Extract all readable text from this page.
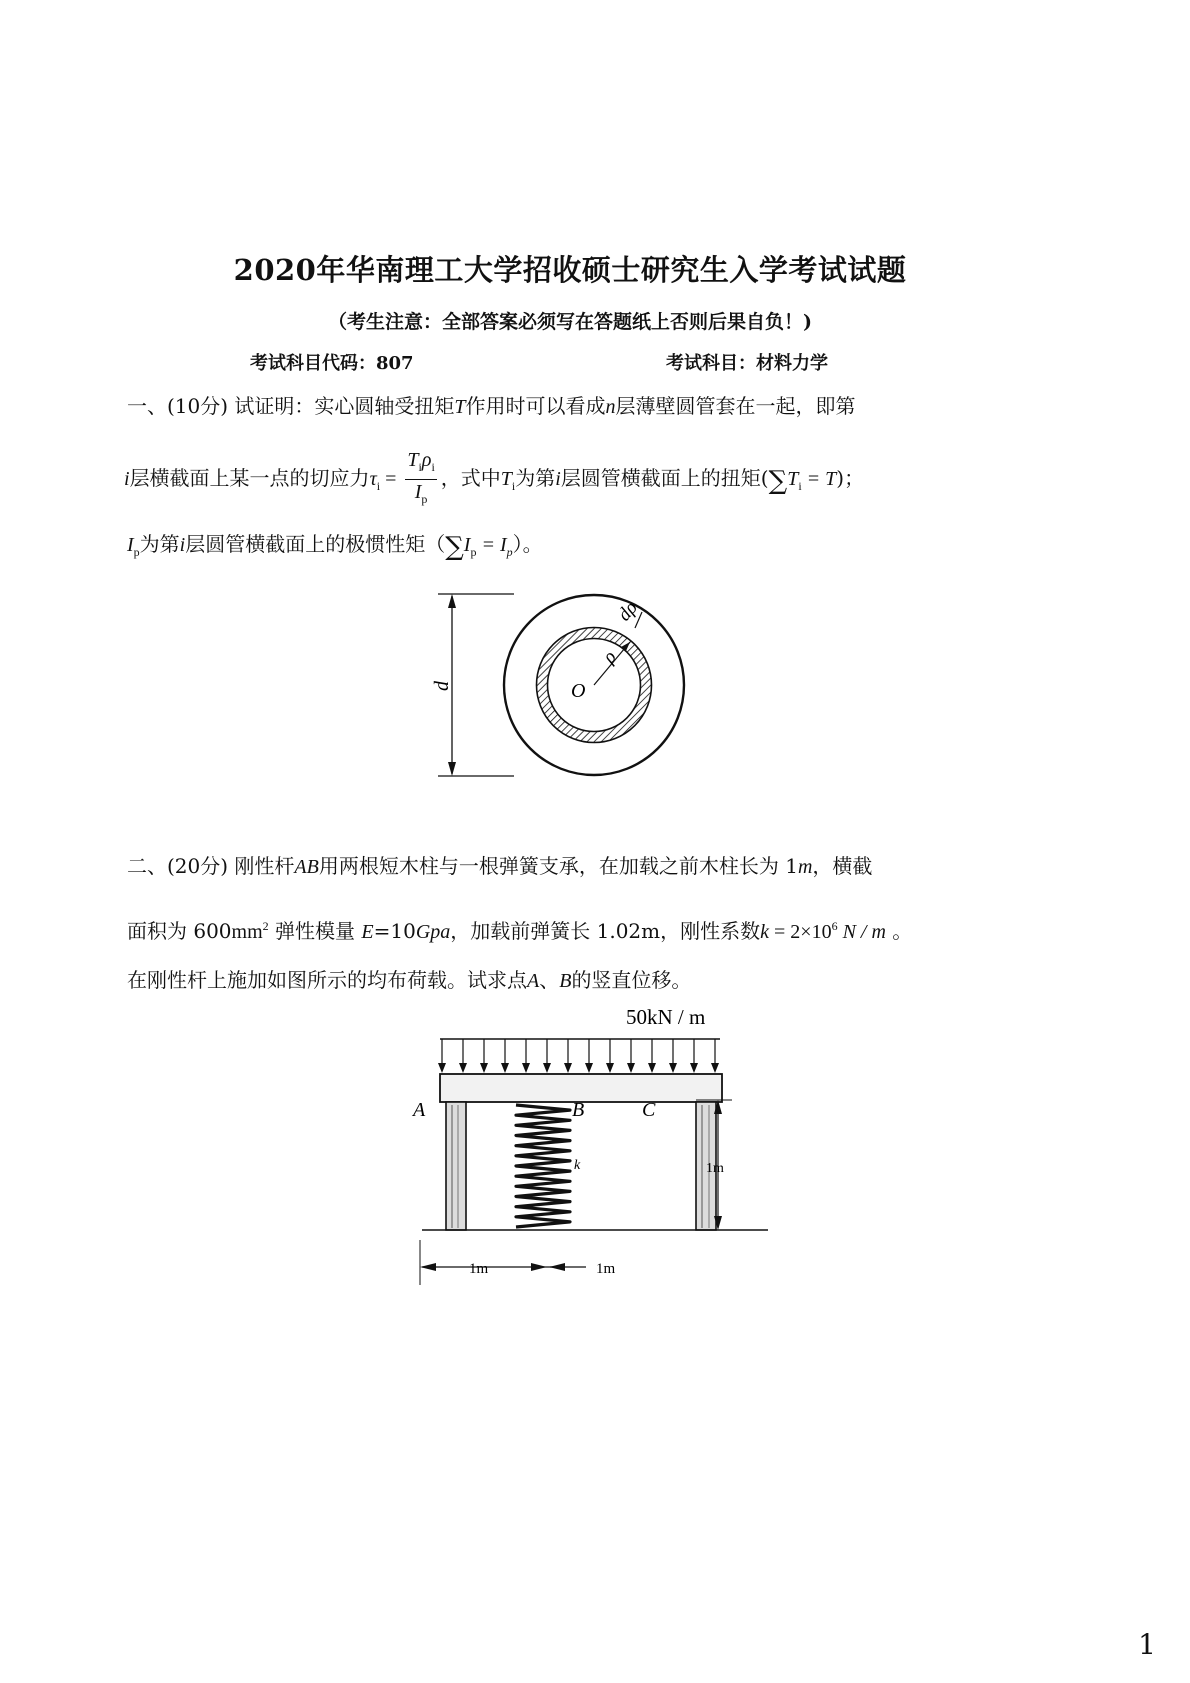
2020年华南理工大学招收硕士研究生入学考试试题
（考生注意：全部答案必须写在答题纸上否则后果自负！)
考试科目代码：807	考试科目：材料力学
一、(10分) 试证明：实心圆轴受扭矩T作用时可以看成n层薄壁圆管套在一起，即第
i层横截面上某一点的切应力$\tau_i = \frac{T_i\rho_i}{I_p}$ ，式中$T_i$为第i层圆管横截面上的扭矩$(\sum T_i = T)$；
$I_p$为第i层圆管横截面上的极惯性矩$(\sum I_p = I_p)$。
d
ρ
dρ
O
二、(20分) 刚性杆AB用两根短木柱与一根弹簧支承，在加载之前木柱长为 1m，横截
面积为 $600mm^2$ 弹性模量 E=10Gpa，加载前弹簧长 1.02m，刚性系数$k = 2\times 10^6$ N / m 。
在刚性杆上施加如图所示的均布荷载。试求点A、B的竖直位移。
50kN / m
A	B	C
k	1m
1m	1m
1
